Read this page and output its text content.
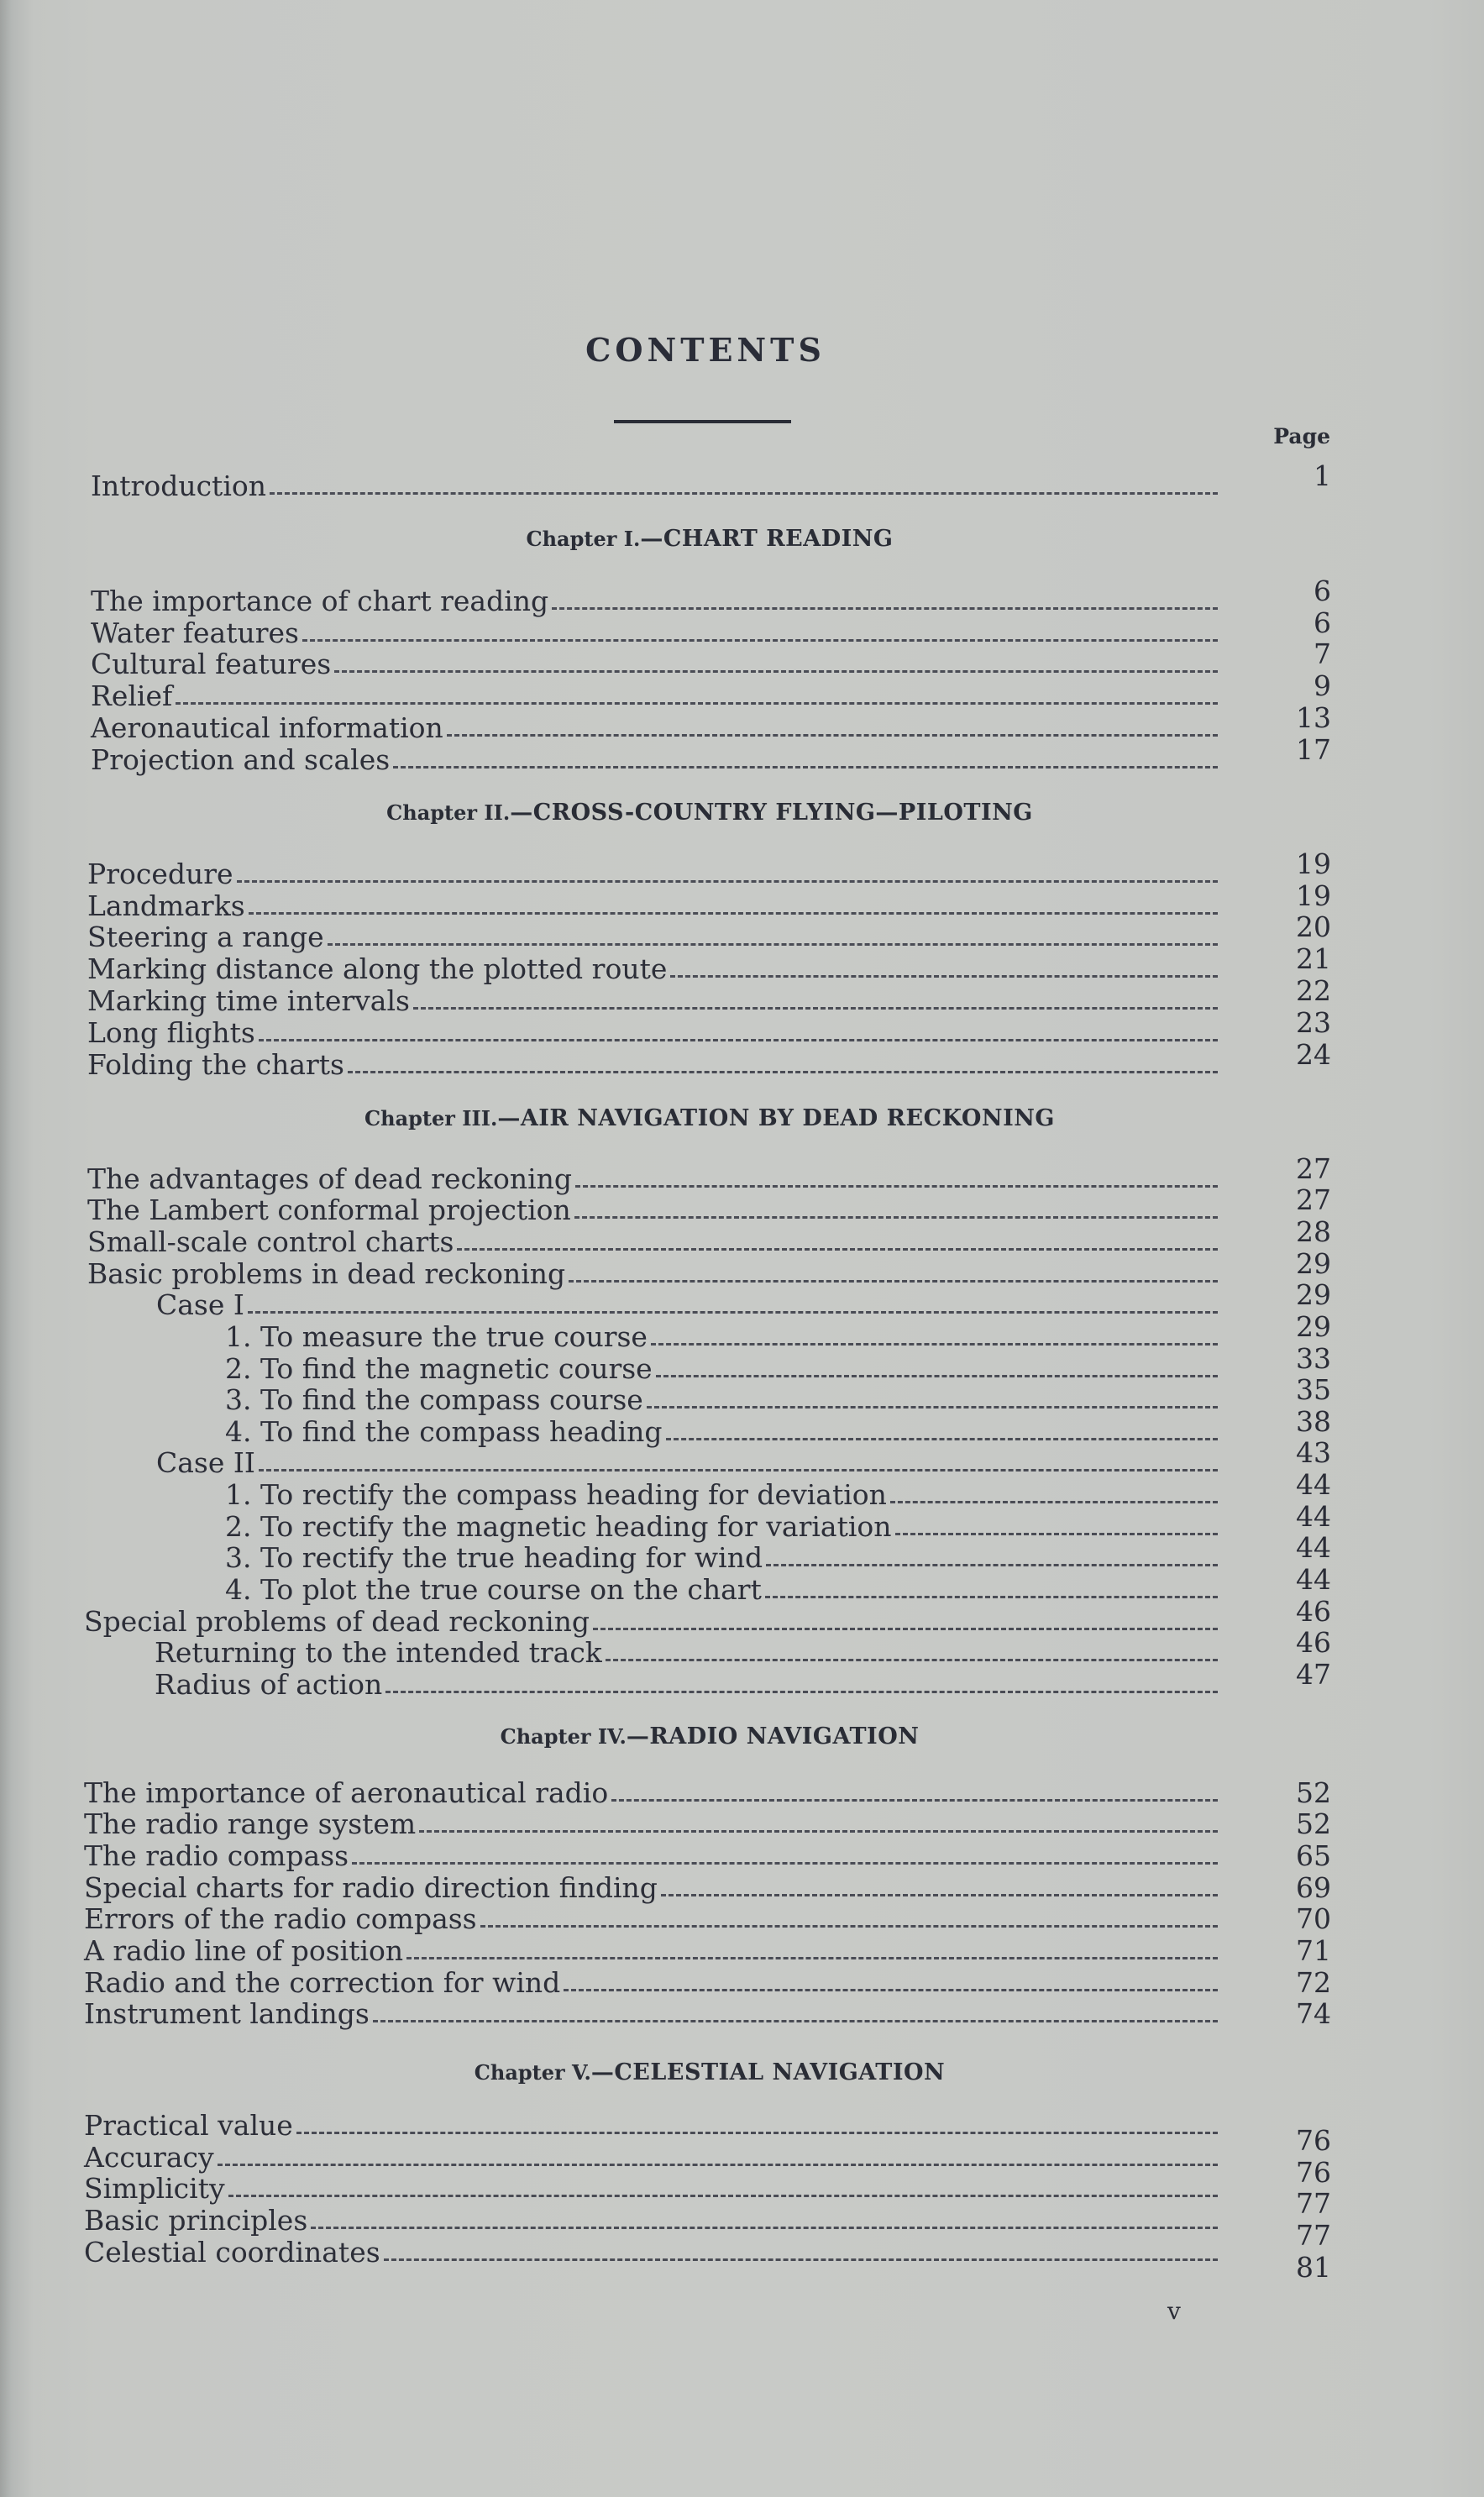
CONTENTS
Page
Introduction	1
Chapter I.—CHART READING
The importance of chart reading	6
Water features	6
Cultural features	7
Relief	9
Aeronautical information	13
Projection and scales	17
Chapter II.—CROSS-COUNTRY FLYING—PILOTING
Procedure	19
Landmarks	19
Steering a range	20
Marking distance along the plotted route	21
Marking time intervals	22
Long flights	23
Folding the charts	24
Chapter III.—AIR NAVIGATION BY DEAD RECKONING
The advantages of dead reckoning	27
The Lambert conformal projection	27
Small-scale control charts	28
Basic problems in dead reckoning	29
Case I	29
1. To measure the true course	29
2. To find the magnetic course	33
3. To find the compass course	35
4. To find the compass heading	38
Case II	43
1. To rectify the compass heading for deviation	44
2. To rectify the magnetic heading for variation	44
3. To rectify the true heading for wind	44
4. To plot the true course on the chart	44
Special problems of dead reckoning	46
Returning to the intended track	46
Radius of action	47
Chapter IV.—RADIO NAVIGATION
The importance of aeronautical radio	52
The radio range system	52
The radio compass	65
Special charts for radio direction finding	69
Errors of the radio compass	70
A radio line of position	71
Radio and the correction for wind	72
Instrument landings	74
Chapter V.—CELESTIAL NAVIGATION
Practical value	76
Accuracy	76
Simplicity	77
Basic principles	77
Celestial coordinates	81
v
